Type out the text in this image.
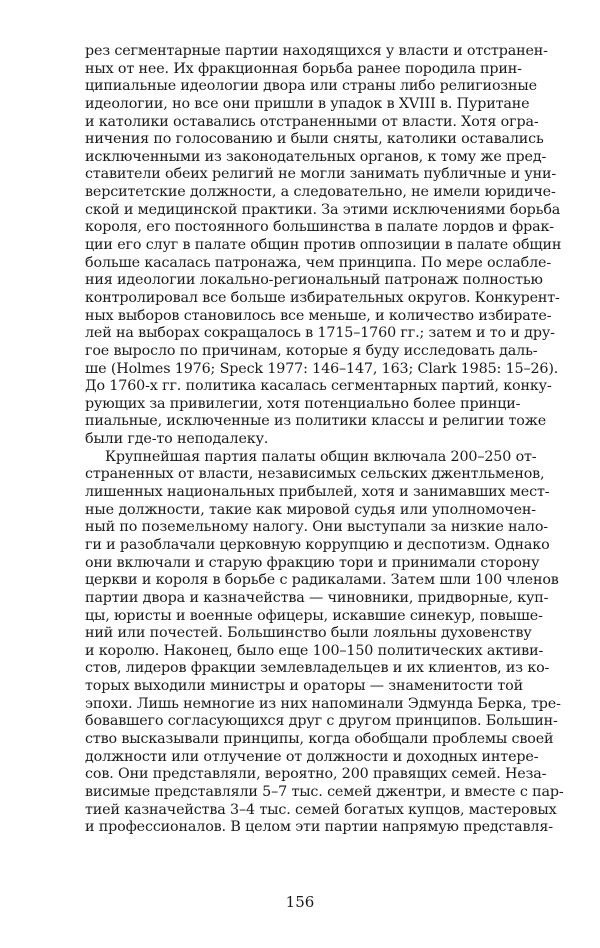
рез сегментарные партии находящихся у власти и отстранен-
ных от нее. Их фракционная борьба ранее породила прин-
ципиальные идеологии двора или страны либо религиозные
идеологии, но все они пришли в упадок в XVIII в. Пуритане
и католики оставались отстраненными от власти. Хотя огра-
ничения по голосованию и были сняты, католики оставались
исключенными из законодательных органов, к тому же пред-
ставители обеих религий не могли занимать публичные и уни-
верситетские должности, а следовательно, не имели юридиче-
ской и медицинской практики. За этими исключениями борьба
короля, его постоянного большинства в палате лордов и фрак-
ции его слуг в палате общин против оппозиции в палате общин
больше касалась патронажа, чем принципа. По мере ослабле-
ния идеологии локально-региональный патронаж полностью
контролировал все больше избирательных округов. Конкурент-
ных выборов становилось все меньше, и количество избирате-
лей на выборах сокращалось в 1715–1760 гг.; затем и то и дру-
гое выросло по причинам, которые я буду исследовать даль-
ше (Holmes 1976; Speck 1977: 146–147, 163; Clark 1985: 15–26).
До 1760-х гг. политика касалась сегментарных партий, конку-
рующих за привилегии, хотя потенциально более принци-
пиальные, исключенные из политики классы и религии тоже
были где-то неподалеку.
Крупнейшая партия палаты общин включала 200–250 от-
страненных от власти, независимых сельских джентльменов,
лишенных национальных прибылей, хотя и занимавших мест-
ные должности, такие как мировой судья или уполномочен-
ный по поземельному налогу. Они выступали за низкие нало-
ги и разоблачали церковную коррупцию и деспотизм. Однако
они включали и старую фракцию тори и принимали сторону
церкви и короля в борьбе с радикалами. Затем шли 100 членов
партии двора и казначейства — чиновники, придворные, куп-
цы, юристы и военные офицеры, искавшие синекур, повыше-
ний или почестей. Большинство были лояльны духовенству
и королю. Наконец, было еще 100–150 политических активи-
стов, лидеров фракции землевладельцев и их клиентов, из ко-
торых выходили министры и ораторы — знаменитости той
эпохи. Лишь немногие из них напоминали Эдмунда Берка, тре-
бовавшего согласующихся друг с другом принципов. Большин-
ство высказывали принципы, когда обобщали проблемы своей
должности или отлучение от должности и доходных интере-
сов. Они представляли, вероятно, 200 правящих семей. Неза-
висимые представляли 5–7 тыс. семей джентри, и вместе с пар-
тией казначейства 3–4 тыс. семей богатых купцов, мастеровых
и профессионалов. В целом эти партии напрямую представля-
156
